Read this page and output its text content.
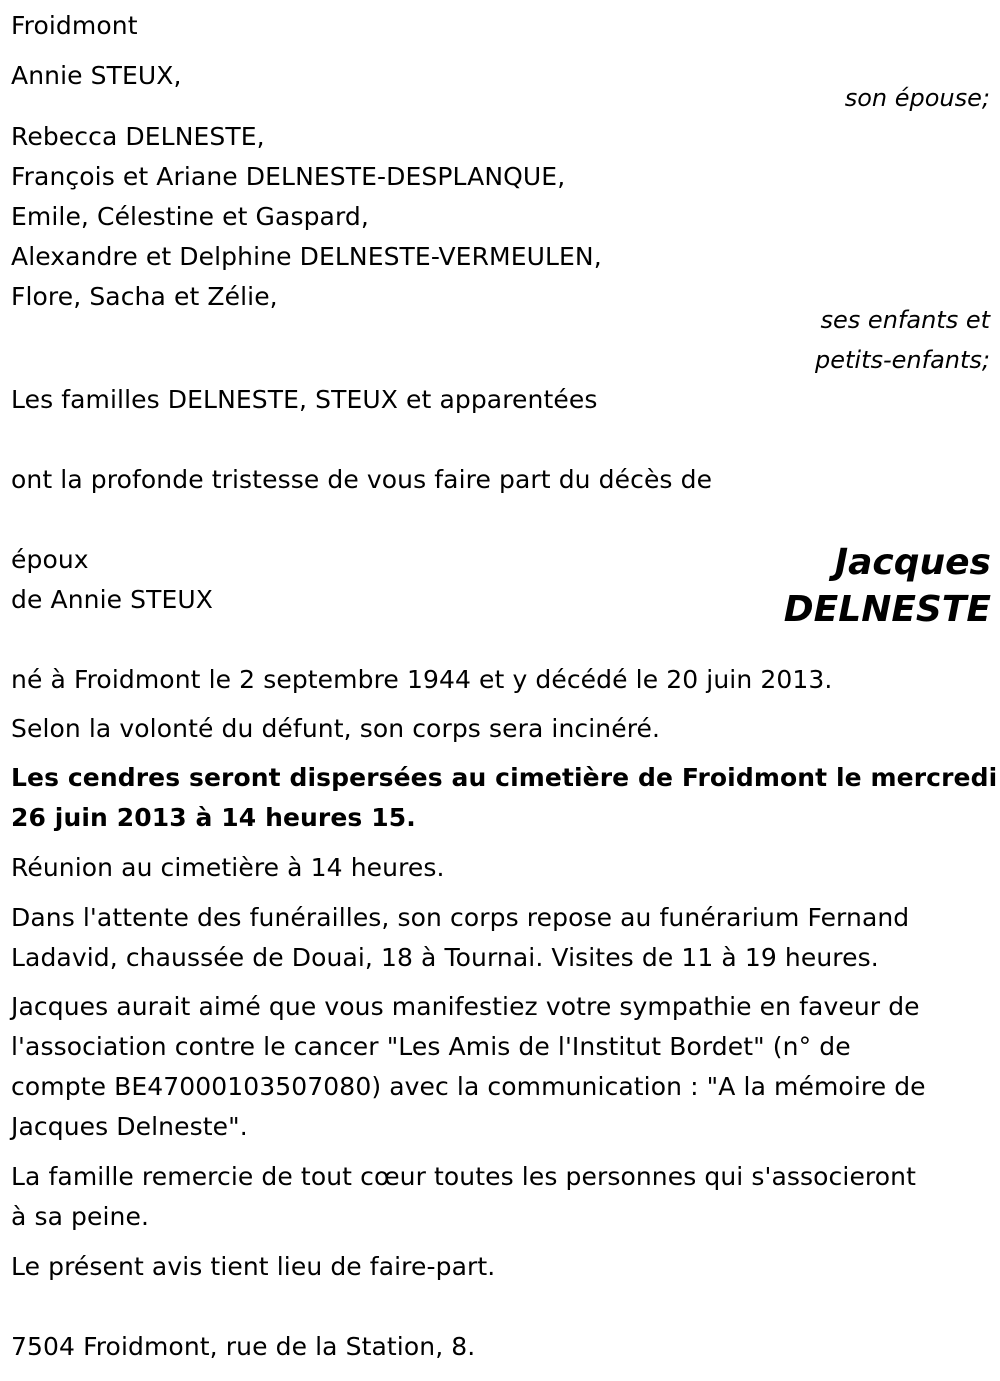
Froidmont
Annie STEUX,
son épouse;
Rebecca DELNESTE,
François et Ariane DELNESTE-DESPLANQUE,
Emile, Célestine et Gaspard,
Alexandre et Delphine DELNESTE-VERMEULEN,
Flore, Sacha et Zélie,
ses enfants et
petits-enfants;
Les familles DELNESTE, STEUX et apparentées
ont la profonde tristesse de vous faire part du décès de
époux
de Annie STEUX
Jacques
DELNESTE
né à Froidmont le 2 septembre 1944 et y décédé le 20 juin 2013.
Selon la volonté du défunt, son corps sera incinéré.
Les cendres seront dispersées au cimetière de Froidmont le mercredi
26 juin 2013 à 14 heures 15.
Réunion au cimetière à 14 heures.
Dans l'attente des funérailles, son corps repose au funérarium Fernand
Ladavid, chaussée de Douai, 18 à Tournai. Visites de 11 à 19 heures.
Jacques aurait aimé que vous manifestiez votre sympathie en faveur de
l'association contre le cancer "Les Amis de l'Institut Bordet" (n° de
compte BE47000103507080) avec la communication : "A la mémoire de
Jacques Delneste".
La famille remercie de tout cœur toutes les personnes qui s'associeront
à sa peine.
Le présent avis tient lieu de faire-part.
7504 Froidmont, rue de la Station, 8.
